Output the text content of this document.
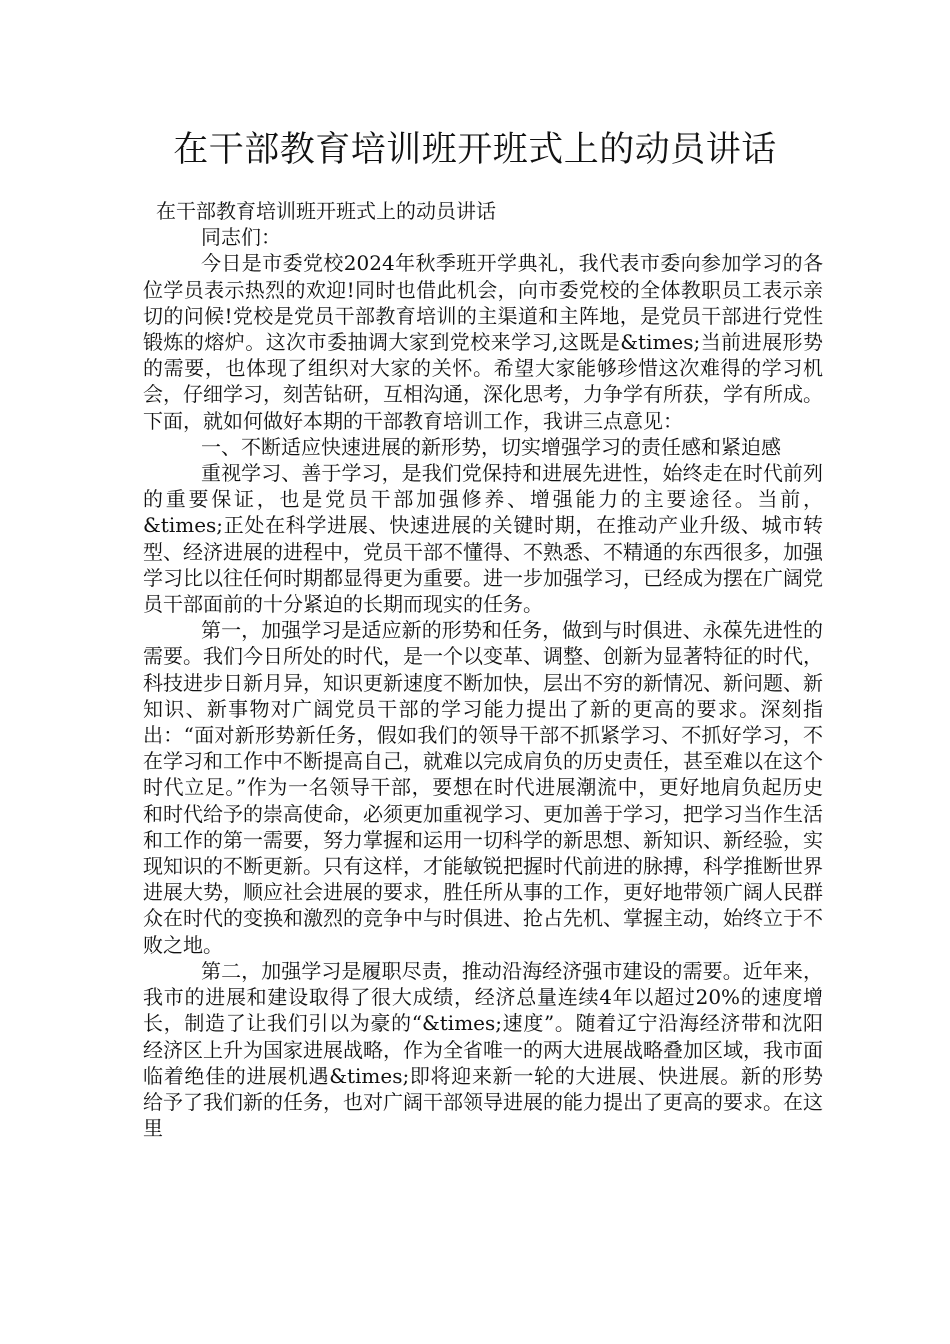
在干部教育培训班开班式上的动员讲话

在干部教育培训班开班式上的动员讲话

同志们：

今日是市委党校2024年秋季班开学典礼，我代表市委向参加学习的各位学员表示热烈的欢迎!同时也借此机会，向市委党校的全体教职员工表示亲切的问候!党校是党员干部教育培训的主渠道和主阵地，是党员干部进行党性锻炼的熔炉。这次市委抽调大家到党校来学习,这既是&times;当前进展形势的需要，也体现了组织对大家的关怀。希望大家能够珍惜这次难得的学习机会，仔细学习，刻苦钻研，互相沟通，深化思考，力争学有所获，学有所成。下面，就如何做好本期的干部教育培训工作，我讲三点意见：

一、不断适应快速进展的新形势，切实增强学习的责任感和紧迫感

重视学习、善于学习，是我们党保持和进展先进性，始终走在时代前列的重要保证，也是党员干部加强修养、增强能力的主要途径。当前，&times;正处在科学进展、快速进展的关键时期，在推动产业升级、城市转型、经济进展的进程中，党员干部不懂得、不熟悉、不精通的东西很多，加强学习比以往任何时期都显得更为重要。进一步加强学习，已经成为摆在广阔党员干部面前的十分紧迫的长期而现实的任务。

第一，加强学习是适应新的形势和任务，做到与时俱进、永葆先进性的需要。我们今日所处的时代，是一个以变革、调整、创新为显著特征的时代，科技进步日新月异，知识更新速度不断加快，层出不穷的新情况、新问题、新知识、新事物对广阔党员干部的学习能力提出了新的更高的要求。深刻指出：“面对新形势新任务，假如我们的领导干部不抓紧学习、不抓好学习，不在学习和工作中不断提高自己，就难以完成肩负的历史责任，甚至难以在这个时代立足。”作为一名领导干部，要想在时代进展潮流中，更好地肩负起历史和时代给予的崇高使命，必须更加重视学习、更加善于学习，把学习当作生活和工作的第一需要，努力掌握和运用一切科学的新思想、新知识、新经验，实现知识的不断更新。只有这样，才能敏锐把握时代前进的脉搏，科学推断世界进展大势，顺应社会进展的要求，胜任所从事的工作，更好地带领广阔人民群众在时代的变换和激烈的竞争中与时俱进、抢占先机、掌握主动，始终立于不败之地。

第二，加强学习是履职尽责，推动沿海经济强市建设的需要。近年来，我市的进展和建设取得了很大成绩，经济总量连续4年以超过20%的速度增长，制造了让我们引以为豪的“&times;速度”。随着辽宁沿海经济带和沈阳经济区上升为国家进展战略，作为全省唯一的两大进展战略叠加区域，我市面临着绝佳的进展机遇&times;即将迎来新一轮的大进展、快进展。新的形势给予了我们新的任务，也对广阔干部领导进展的能力提出了更高的要求。在这里
